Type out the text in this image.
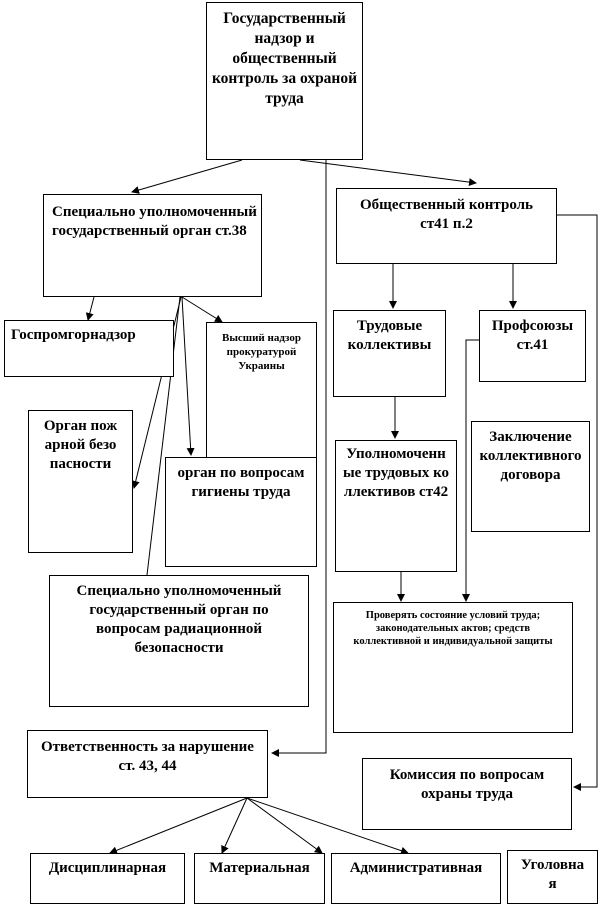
Государственный надзор и общественный контроль за охраной труда
Специально уполномоченный государственный орган ст.38
Общественный контроль ст41 п.2
Госпромгорнадзор	Высший надзор прокуратурой Украины
Трудовые коллективы
Профсоюзы ст.41
Орган пожарной безопасности
орган по вопросам гигиены труда
Уполномоченные трудовых коллективов ст42
Заключение коллективного договора
Специально уполномоченный государственный орган по вопросам радиационной безопасности
Проверять состояние условий труда; законодательных актов; средств коллективной и индивидуальной защиты
Ответственность за нарушение ст. 43, 44
Комиссия по вопросам охраны труда
Дисциплинарная	Материальная	Административная	Уголовная
